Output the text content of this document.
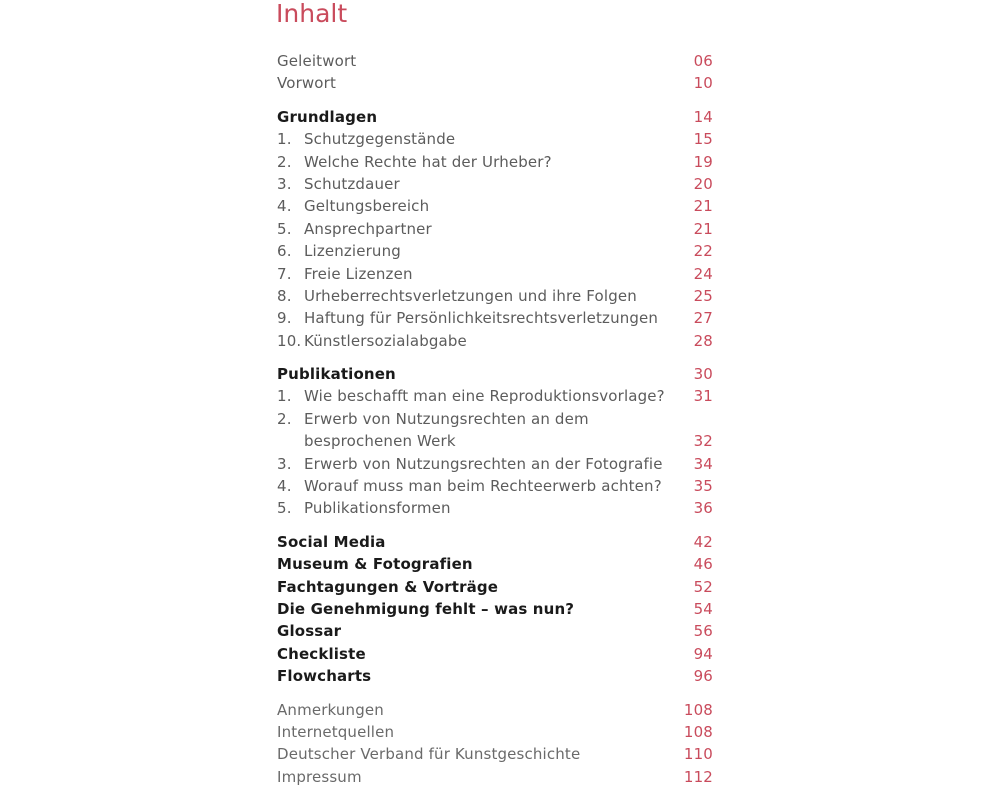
Inhalt
Geleitwort	06
Vorwort	10
Grundlagen	14
1. Schutzgegenstände	15
2. Welche Rechte hat der Urheber?	19
3. Schutzdauer	20
4. Geltungsbereich	21
5. Ansprechpartner	21
6. Lizenzierung	22
7. Freie Lizenzen	24
8. Urheberrechtsverletzungen und ihre Folgen	25
9. Haftung für Persönlichkeitsrechtsverletzungen	27
10. Künstlersozialabgabe	28
Publikationen	30
1. Wie beschafft man eine Reproduktionsvorlage?	31
2. Erwerb von Nutzungsrechten an dem
besprochenen Werk	32
3. Erwerb von Nutzungsrechten an der Fotografie	34
4. Worauf muss man beim Rechteerwerb achten?	35
5. Publikationsformen	36
Social Media	42
Museum & Fotografien	46
Fachtagungen & Vorträge	52
Die Genehmigung fehlt – was nun?	54
Glossar	56
Checkliste	94
Flowcharts	96
Anmerkungen	108
Internetquellen	108
Deutscher Verband für Kunstgeschichte	110
Impressum	112
